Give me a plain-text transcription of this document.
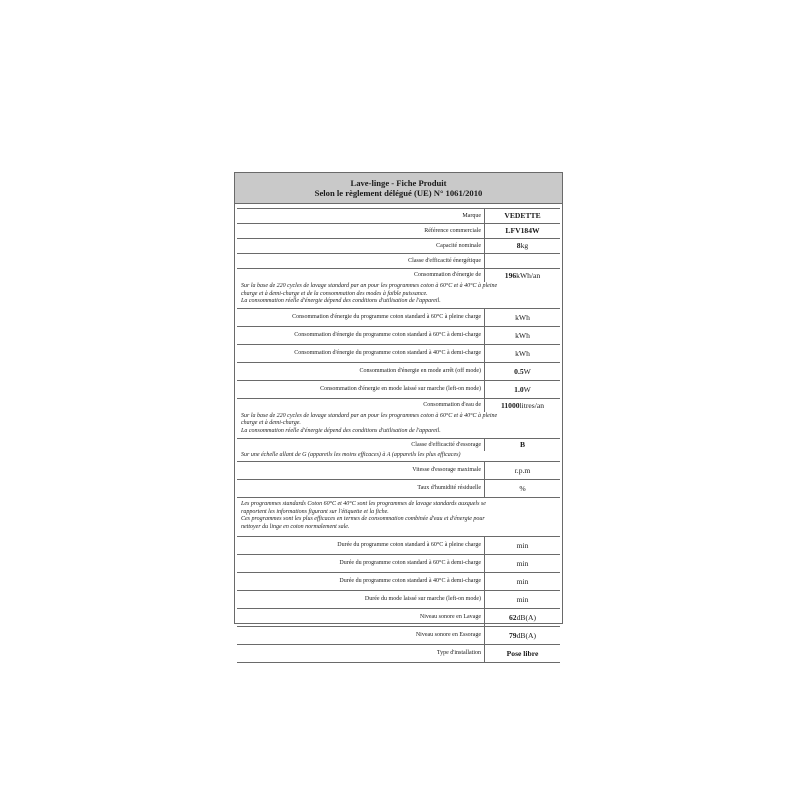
Lave-linge - Fiche Produit
Selon le règlement délégué (UE) N° 1061/2010
Marque	VEDETTE
Référence commerciale	LFV184W
Capacité nominale	8kg
Classe d'efficacité énergétique
Consommation d'énergie de	196kWh/an
Sur la base de 220 cycles de lavage standard par an pour les programmes coton à 60°C et à 40°C à pleine
charge et à demi-charge et de la consommation des modes à faible puissance.
La consommation réelle d'énergie dépend des conditions d'utilisation de l'appareil.
Consommation d'énergie du programme coton standard à 60°C à pleine charge	kWh
Consommation d'énergie du programme coton standard à 60°C à demi-charge	kWh
Consommation d'énergie du programme coton standard à 40°C à demi-charge	kWh
Consommation d'énergie en mode arrêt (off mode)	0.5W
Consommation d'énergie en mode laissé sur marche (left-on mode)	1.0W
Consommation d'eau de	11000litres/an
Sur la base de 220 cycles de lavage standard par an pour les programmes coton à 60°C et à 40°C à pleine
charge et à demi-charge.
La consommation réelle d'énergie dépend des conditions d'utilisation de l'appareil.
Classe d'efficacité d'essorage	B
Sur une échelle allant de G (appareils les moins efficaces) à A (appareils les plus efficaces)
Vitesse d'essorage maximale	r.p.m
Taux d'humidité résiduelle	%
Les programmes standards Coton 60°C et 40°C sont les programmes de lavage standards auxquels se
rapportent les informations figurant sur l'étiquette et la fiche.
Ces programmes sont les plus efficaces en termes de consommation combinée d'eau et d'énergie pour
nettoyer du linge en coton normalement sale.
Durée du programme coton standard à 60°C à pleine charge	min
Durée du programme coton standard à 60°C à demi-charge	min
Durée du programme coton standard à 40°C à demi-charge	min
Durée du mode laissé sur marche (left-on mode)	min
Niveau sonore en Lavage	62dB(A)
Niveau sonore en Essorage	79dB(A)
Type d'installation	Pose libre
